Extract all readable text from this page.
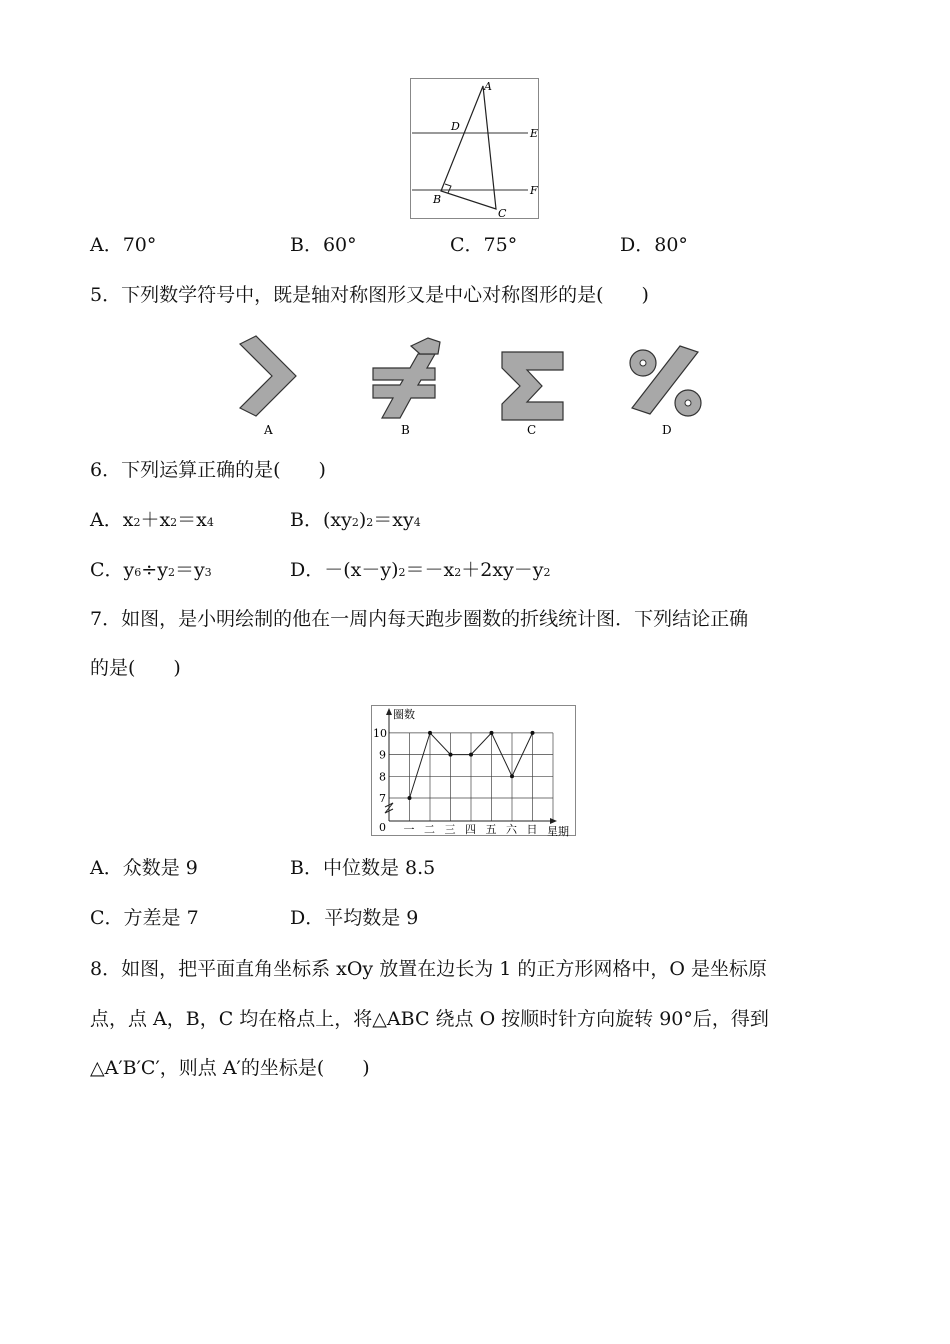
A
D
E
B
C
F
A．70°	B．60°	C．75°	D．80°
5．下列数学符号中，既是轴对称图形又是中心对称图形的是(　　)
A	B	C	D
6．下列运算正确的是(　　)
A．x2＋x2＝x4	B．(xy2)2＝xy4
C．y6÷y2＝y3	D．－(x－y)2＝－x2＋2xy－y2
7．如图，是小明绘制的他在一周内每天跑步圈数的折线统计图．下列结论正确
的是(　　)
圈数
星期
0
7
8
9
10
一 二 三 四 五 六 日
A．众数是 9	B．中位数是 8.5
C．方差是 7	D．平均数是 9
8．如图，把平面直角坐标系 xOy 放置在边长为 1 的正方形网格中，O 是坐标原
点，点 A，B，C 均在格点上，将△ABC 绕点 O 按顺时针方向旋转 90°后，得到
△A′B′C′，则点 A′的坐标是(　　)
